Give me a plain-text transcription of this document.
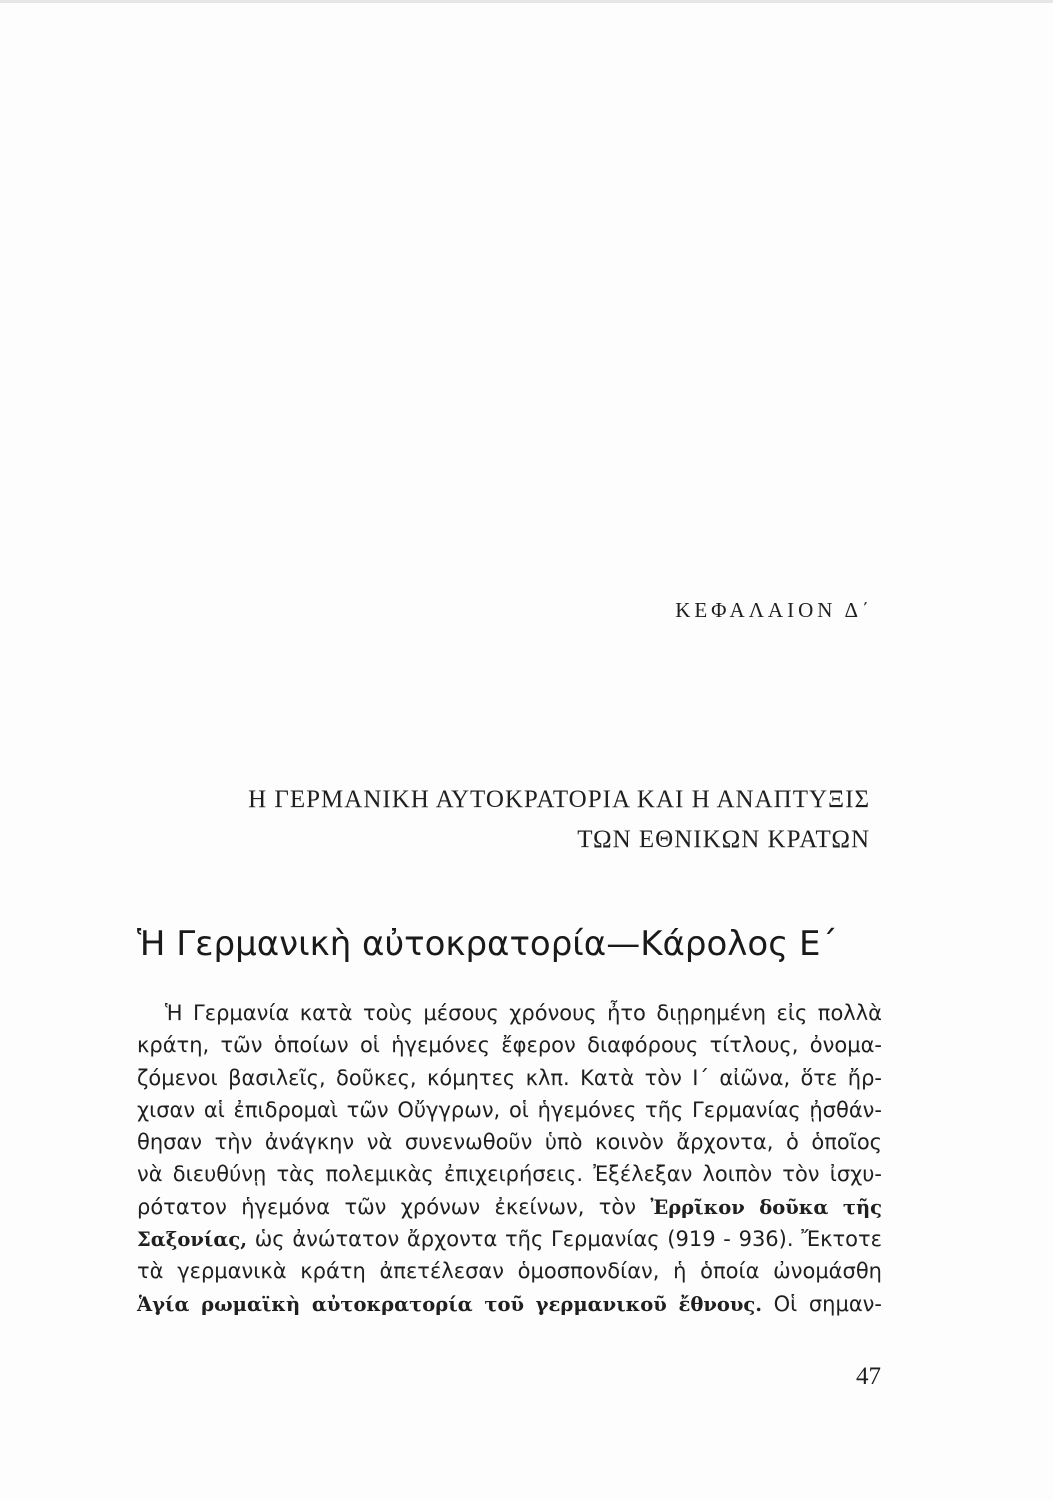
ΚΕΦΑΛΑΙΟΝ Δ΄
Η ΓΕΡΜΑΝΙΚΗ ΑΥΤΟΚΡΑΤΟΡΙΑ ΚΑΙ Η ΑΝΑΠΤΥΞΙΣ
ΤΩΝ ΕΘΝΙΚΩΝ ΚΡΑΤΩΝ
Ἡ Γερμανικὴ αὐτοκρατορία—Κάρολος Ε΄
Ἡ Γερμανία κατὰ τοὺς μέσους χρόνους ἦτο διῃρημένη εἰς πολλὰ
κράτη, τῶν ὁποίων οἱ ἡγεμόνες ἔφερον διαφόρους τίτλους, ὀνομα-
ζόμενοι βασιλεῖς, δοῦκες, κόμητες κλπ. Κατὰ τὸν Ι΄ αἰῶνα, ὅτε ἤρ-
χισαν αἱ ἐπιδρομαὶ τῶν Οὔγγρων, οἱ ἡγεμόνες τῆς Γερμανίας ᾐσθάν-
θησαν τὴν ἀνάγκην νὰ συνενωθοῦν ὑπὸ κοινὸν ἄρχοντα, ὁ ὁποῖος
νὰ διευθύνῃ τὰς πολεμικὰς ἐπιχειρήσεις. Ἐξέλεξαν λοιπὸν τὸν ἰσχυ-
ρότατον ἡγεμόνα τῶν χρόνων ἐκείνων, τὸν Ἐρρῖκον δοῦκα τῆς
Σαξονίας, ὡς ἀνώτατον ἄρχοντα τῆς Γερμανίας (919 - 936). Ἔκτοτε
τὰ γερμανικὰ κράτη ἀπετέλεσαν ὁμοσπονδίαν, ἡ ὁποία ὠνομάσθη
Ἁγία ρωμαϊκὴ αὐτοκρατορία τοῦ γερμανικοῦ ἔθνους. Οἱ σημαν-
47
